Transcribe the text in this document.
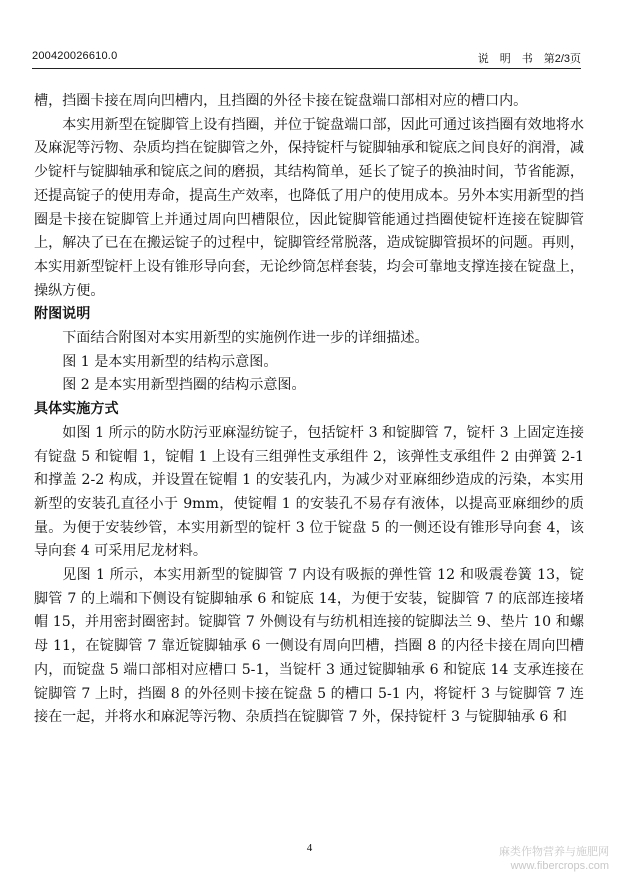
200420026610.0	说　明　书　第2/3页

槽，挡圈卡接在周向凹槽内，且挡圈的外径卡接在锭盘端口部相对应的槽口内。

本实用新型在锭脚管上设有挡圈，并位于锭盘端口部，因此可通过该挡圈有效地将水及麻泥等污物、杂质均挡在锭脚管之外，保持锭杆与锭脚轴承和锭底之间良好的润滑，减少锭杆与锭脚轴承和锭底之间的磨损，其结构简单，延长了锭子的换油时间，节省能源，还提高锭子的使用寿命，提高生产效率，也降低了用户的使用成本。另外本实用新型的挡圈是卡接在锭脚管上并通过周向凹槽限位，因此锭脚管能通过挡圈使锭杆连接在锭脚管上，解决了已在在搬运锭子的过程中，锭脚管经常脱落，造成锭脚管损坏的问题。再则，本实用新型锭杆上设有锥形导向套，无论纱筒怎样套装，均会可靠地支撑连接在锭盘上，操纵方便。

附图说明

下面结合附图对本实用新型的实施例作进一步的详细描述。

图 1 是本实用新型的结构示意图。

图 2 是本实用新型挡圈的结构示意图。

具体实施方式

如图 1 所示的防水防污亚麻湿纺锭子，包括锭杆 3 和锭脚管 7，锭杆 3 上固定连接有锭盘 5 和锭帽 1，锭帽 1 上设有三组弹性支承组件 2，该弹性支承组件 2 由弹簧 2-1 和撑盖 2-2 构成，并设置在锭帽 1 的安装孔内，为减少对亚麻细纱造成的污染，本实用新型的安装孔直径小于 9mm，使锭帽 1 的安装孔不易存有液体，以提高亚麻细纱的质量。为便于安装纱管，本实用新型的锭杆 3 位于锭盘 5 的一侧还设有锥形导向套 4，该导向套 4 可采用尼龙材料。

见图 1 所示，本实用新型的锭脚管 7 内设有吸振的弹性管 12 和吸震卷簧 13，锭脚管 7 的上端和下侧设有锭脚轴承 6 和锭底 14，为便于安装，锭脚管 7 的底部连接堵帽 15，并用密封圈密封。锭脚管 7 外侧设有与纺机相连接的锭脚法兰 9、垫片 10 和螺母 11，在锭脚管 7 靠近锭脚轴承 6 一侧设有周向凹槽，挡圈 8 的内径卡接在周向凹槽内，而锭盘 5 端口部相对应槽口 5-1，当锭杆 3 通过锭脚轴承 6 和锭底 14 支承连接在锭脚管 7 上时，挡圈 8 的外径则卡接在锭盘 5 的槽口 5-1 内，将锭杆 3 与锭脚管 7 连接在一起，并将水和麻泥等污物、杂质挡在锭脚管 7 外，保持锭杆 3 与锭脚轴承 6 和

4	麻类作物营养与施肥网
www.fibercrops.com
